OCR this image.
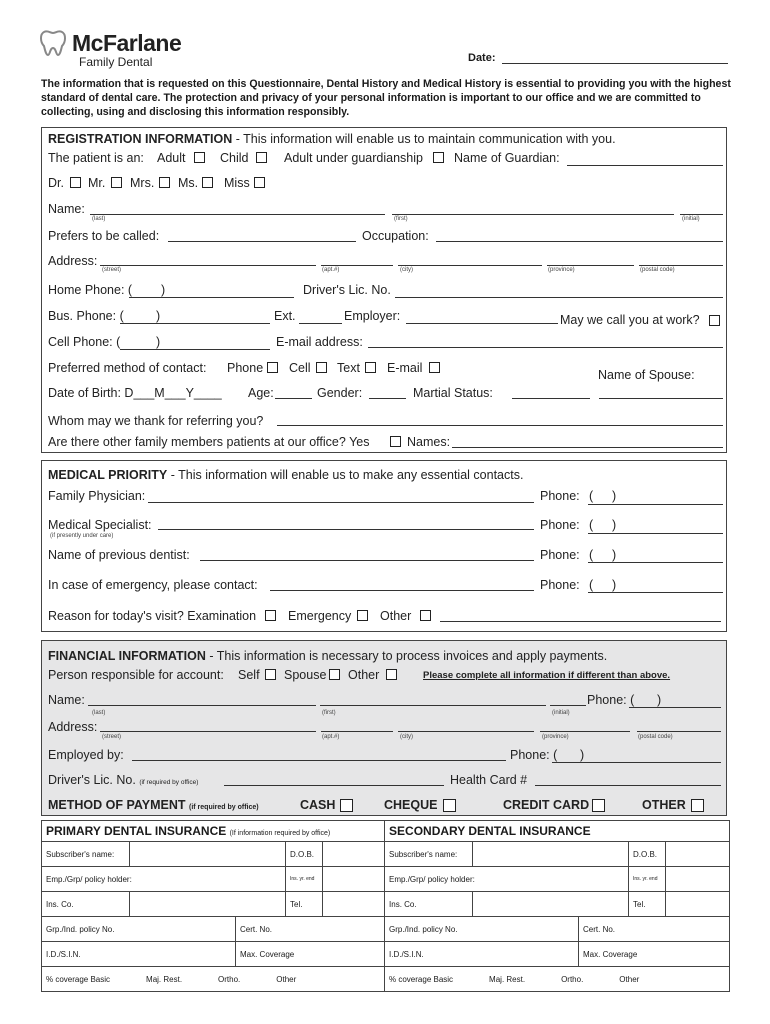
McFarlane
Family Dental	Date:
The information that is requested on this Questionnaire, Dental History and Medical History is essential to providing you with the highest standard of dental care. The protection and privacy of your personal information is important to our office and we are committed to collecting, using and disclosing this information responsibly.
REGISTRATION INFORMATION - This information will enable us to maintain communication with you.
The patient is an: Adult	Child	Adult under guardianship Name of Guardian:
Dr. Mr. Mrs. Ms. Miss
Name:
(last)	(first)	(initial)
Prefers to be called:	Occupation:
Address:
(street)	(apt.#)	(city)	(province)	(postal code)
Home Phone: ( )	Driver's Lic. No.
Bus. Phone: (	)	Ext.	Employer:	May we call you at work?
Cell Phone: (	)	E-mail address:
Preferred method of contact: Phone Cell Text E-mail	Name of Spouse:
Date of Birth: D___M___Y____ Age:	Gender:	Martial Status:
Whom may we thank for referring you?
Are there other family members patients at our office? Yes	Names:
MEDICAL PRIORITY - This information will enable us to make any essential contacts.
Family Physician:	Phone: ( )
Medical Specialist:
(if presently under care)
Phone: ( )
Name of previous dentist:	Phone: ( )
In case of emergency, please contact:	Phone: ( )
Reason for today's visit? Examination	Emergency Other
FINANCIAL INFORMATION - This information is necessary to process invoices and apply payments.
Person responsible for account: Self Spouse Other	Please complete all information if different than above.
Name:	Phone: ( )
(last)	(first)	(initial)
Address:
(street)	(apt.#)	(city)	(province)	(postal code)
Employed by:	Phone: ( )
Driver's Lic. No. (if required by office)	Health Card #
METHOD OF PAYMENT (if required by office)	CASH	CHEQUE	CREDIT CARD	OTHER
PRIMARY DENTAL INSURANCE (If information required by office)					SECONDARY DENTAL INSURANCE				
Subscriber's name:			D.O.B.		Subscriber's name:			D.O.B.	
Emp./Grp/ policy holder:			Ins. yr. end		Emp./Grp/ policy holder:			Ins. yr. end	
Ins. Co.			Tel.		Ins. Co.			Tel.	
Grp./Ind. policy No.		Cert. No.			Grp./Ind. policy No.		Cert. No.		
I.D./S.I.N.		Max. Coverage			I.D./S.I.N.		Max. Coverage		
% coverage Basic Maj. Rest. Ortho. Other					% coverage Basic Maj. Rest. Ortho. Other				
